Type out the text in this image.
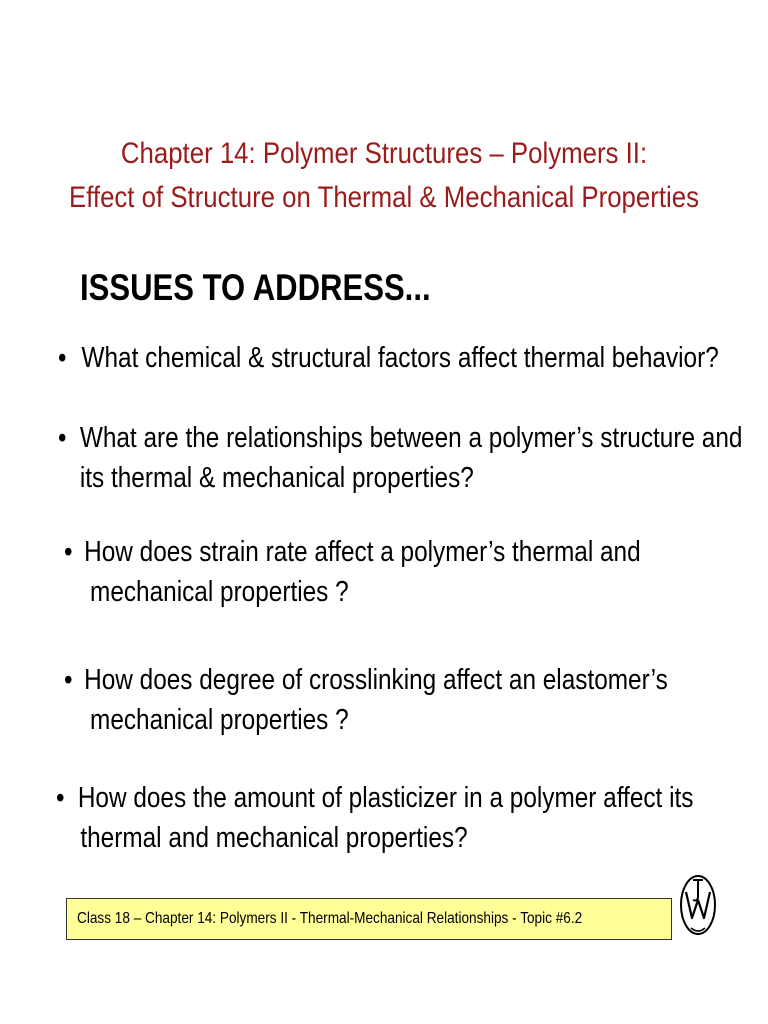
Chapter 14: Polymer Structures – Polymers II:
Effect of Structure on Thermal & Mechanical Properties
ISSUES TO ADDRESS...
• What chemical & structural factors affect thermal behavior?
• What are the relationships between a polymer’s structure and
its thermal & mechanical properties?
• How does strain rate affect a polymer’s thermal and
mechanical properties ?
• How does degree of crosslinking affect an elastomer’s
mechanical properties ?
• How does the amount of plasticizer in a polymer affect its
thermal and mechanical properties?
Class 18 – Chapter 14: Polymers II - Thermal-Mechanical Relationships - Topic #6.2
